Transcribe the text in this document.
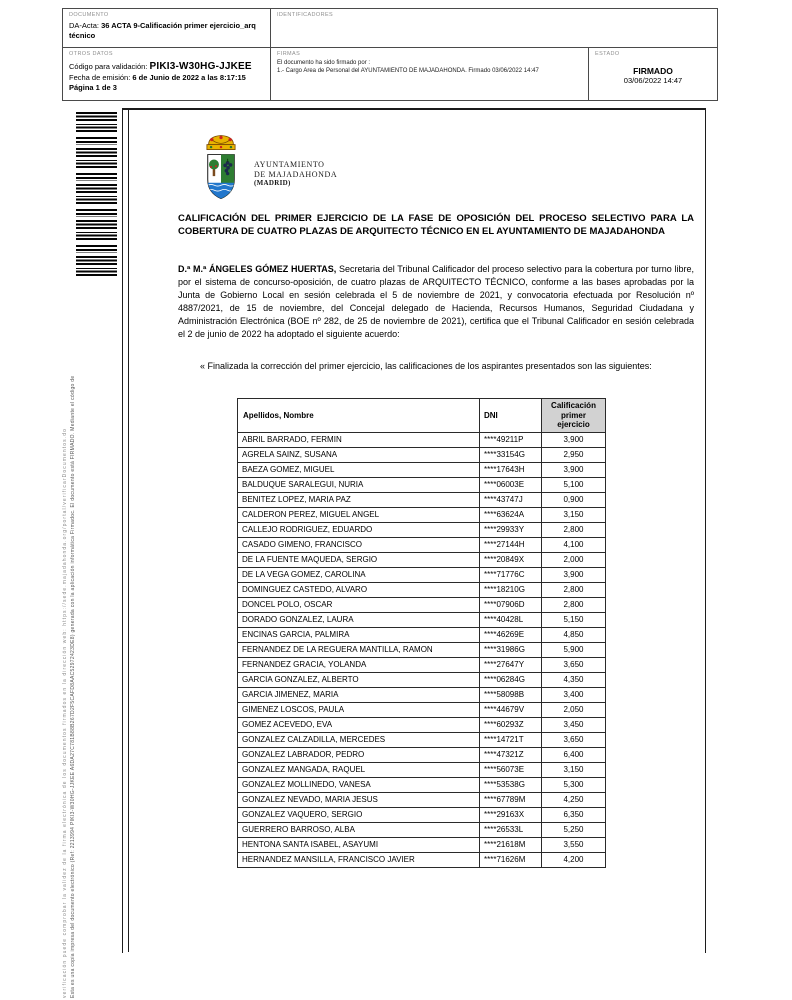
DOCUMENTO
DA-Acta: 36 ACTA 9-Calificación primer ejercicio_arq técnico
IDENTIFICADORES
OTROS DATOS
Código para validación: PIKI3-W30HG-JJKEE
Fecha de emisión: 6 de Junio de 2022 a las 8:17:15
Página 1 de 3
FIRMAS
El documento ha sido firmado por :
1.- Cargo Area de Personal del AYUNTAMIENTO DE MAJADAHONDA. Firmado 03/06/2022 14:47
ESTADO
FIRMADO
03/06/2022 14:47
Esta es una copia impresa del documento electrónico (Ref: 2213994 PIKI3-W30HG-JJKEE A6DA27C781B88B267D2F5CAFD8AAC52972423DE8) generada con la aplicación informática Firmadoc. El documento está FIRMADO. Mediante el código de
verificación puede comprobar la validez de la firma electrónica de los documentos firmados en la dirección web: https://sede.majadahonda.org/portal/verificarDocumentos.do
AYUNTAMIENTO
DE MAJADAHONDA
(MADRID)
CALIFICACIÓN DEL PRIMER EJERCICIO DE LA FASE DE OPOSICIÓN DEL PROCESO SELECTIVO PARA LA COBERTURA DE CUATRO PLAZAS DE ARQUITECTO TÉCNICO EN EL AYUNTAMIENTO DE MAJADAHONDA
D.ª M.ª ÁNGELES GÓMEZ HUERTAS, Secretaria del Tribunal Calificador del proceso selectivo para la cobertura por turno libre, por el sistema de concurso-oposición, de cuatro plazas de ARQUITECTO TÉCNICO, conforme a las bases aprobadas por la Junta de Gobierno Local en sesión celebrada el 5 de noviembre de 2021, y convocatoria efectuada por Resolución nº 4887/2021, de 15 de noviembre, del Concejal delegado de Hacienda, Recursos Humanos, Seguridad Ciudadana y Administración Electrónica (BOE nº 282, de 25 de noviembre de 2021), certifica que el Tribunal Calificador en sesión celebrada el 2 de junio de 2022 ha adoptado el siguiente acuerdo:
« Finalizada la corrección del primer ejercicio, las calificaciones de los aspirantes presentados son las siguientes:
Apellidos, Nombre	DNI	Calificación primer ejercicio
ABRIL BARRADO, FERMIN	****49211P	3,900
AGRELA SAINZ, SUSANA	****33154G	2,950
BAEZA GOMEZ, MIGUEL	****17643H	3,900
BALDUQUE SARALEGUI, NURIA	****06003E	5,100
BENITEZ LOPEZ, MARIA PAZ	****43747J	0,900
CALDERON PEREZ, MIGUEL ANGEL	****63624A	3,150
CALLEJO RODRIGUEZ, EDUARDO	****29933Y	2,800
CASADO GIMENO, FRANCISCO	****27144H	4,100
DE LA FUENTE MAQUEDA, SERGIO	****20849X	2,000
DE LA VEGA GOMEZ, CAROLINA	****71776C	3,900
DOMINGUEZ CASTEDO, ALVARO	****18210G	2,800
DONCEL POLO, OSCAR	****07906D	2,800
DORADO GONZALEZ, LAURA	****40428L	5,150
ENCINAS GARCIA, PALMIRA	****46269E	4,850
FERNANDEZ DE LA REGUERA MANTILLA, RAMON	****31986G	5,900
FERNANDEZ GRACIA, YOLANDA	****27647Y	3,650
GARCIA GONZALEZ, ALBERTO	****06284G	4,350
GARCIA JIMENEZ, MARIA	****58098B	3,400
GIMENEZ LOSCOS, PAULA	****44679V	2,050
GOMEZ ACEVEDO, EVA	****60293Z	3,450
GONZALEZ CALZADILLA, MERCEDES	****14721T	3,650
GONZALEZ LABRADOR, PEDRO	****47321Z	6,400
GONZALEZ MANGADA, RAQUEL	****56073E	3,150
GONZALEZ MOLLINEDO, VANESA	****53538G	5,300
GONZALEZ NEVADO, MARIA JESUS	****67789M	4,250
GONZALEZ VAQUERO, SERGIO	****29163X	6,350
GUERRERO BARROSO, ALBA	****26533L	5,250
HENTONA SANTA ISABEL, ASAYUMI	****21618M	3,550
HERNANDEZ MANSILLA, FRANCISCO JAVIER	****71626M	4,200
